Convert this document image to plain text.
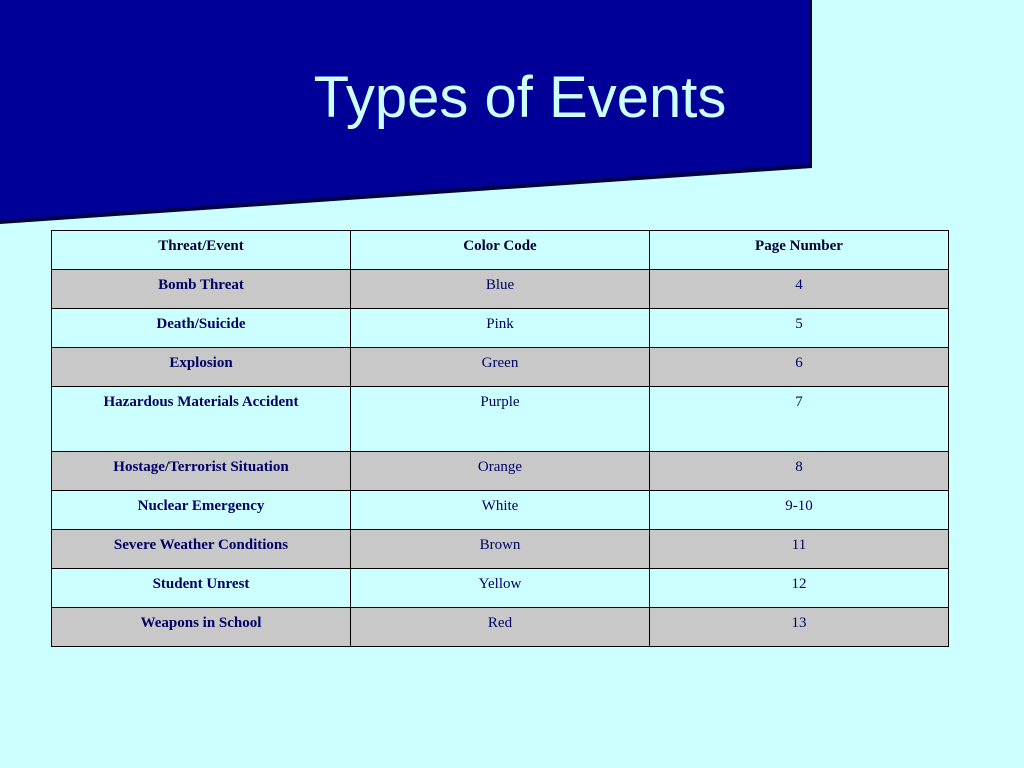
Types of Events
Threat/Event	Color Code	Page Number
Bomb Threat	Blue	4
Death/Suicide	Pink	5
Explosion	Green	6
Hazardous Materials Accident	Purple	7
Hostage/Terrorist Situation	Orange	8
Nuclear Emergency	White	9-10
Severe Weather Conditions	Brown	11
Student Unrest	Yellow	12
Weapons in School	Red	13
